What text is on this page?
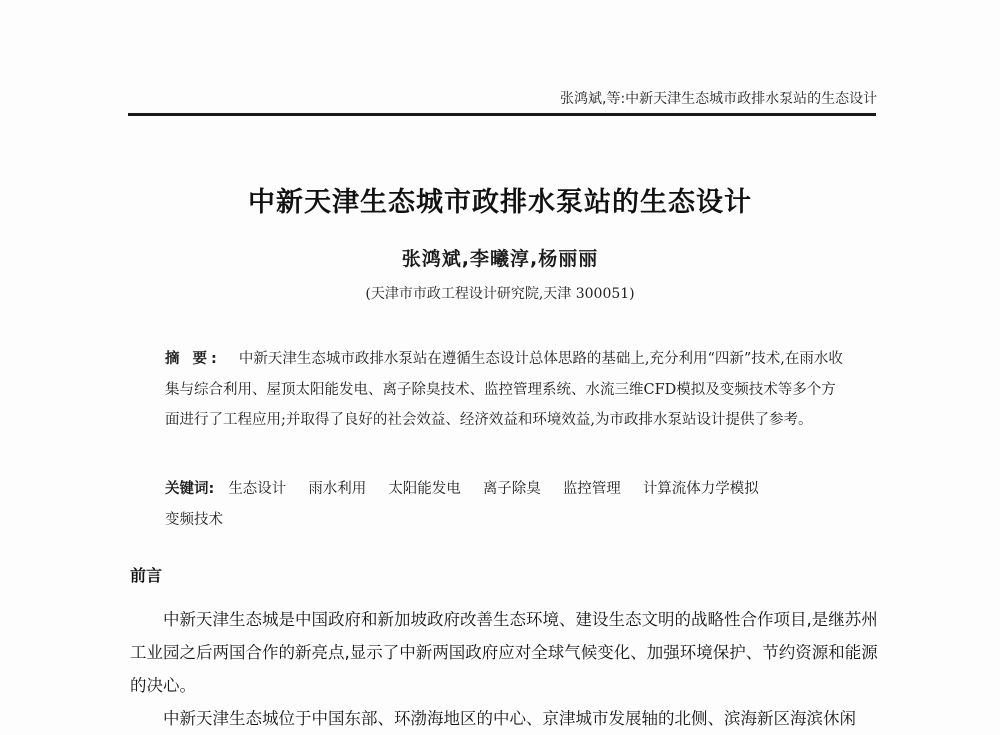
张鸿斌,等:中新天津生态城市政排水泵站的生态设计
中新天津生态城市政排水泵站的生态设计
张鸿斌,李曦淳,杨丽丽
(天津市市政工程设计研究院,天津 300051)
摘 要: 中新天津生态城市政排水泵站在遵循生态设计总体思路的基础上,充分利用“四新”技术,在雨水收集与综合利用、屋顶太阳能发电、离子除臭技术、监控管理系统、水流三维CFD模拟及变频技术等多个方面进行了工程应用;并取得了良好的社会效益、经济效益和环境效益,为市政排水泵站设计提供了参考。
关键词: 生态设计 雨水利用 太阳能发电 离子除臭 监控管理 计算流体力学模拟
变频技术
前言

中新天津生态城是中国政府和新加坡政府改善生态环境、建设生态文明的战略性合作项目,是继苏州工业园之后两国合作的新亮点,显示了中新两国政府应对全球气候变化、加强环境保护、节约资源和能源的决心。

中新天津生态城位于中国东部、环渤海地区的中心、京津城市发展轴的北侧、滨海新区海滨休闲
